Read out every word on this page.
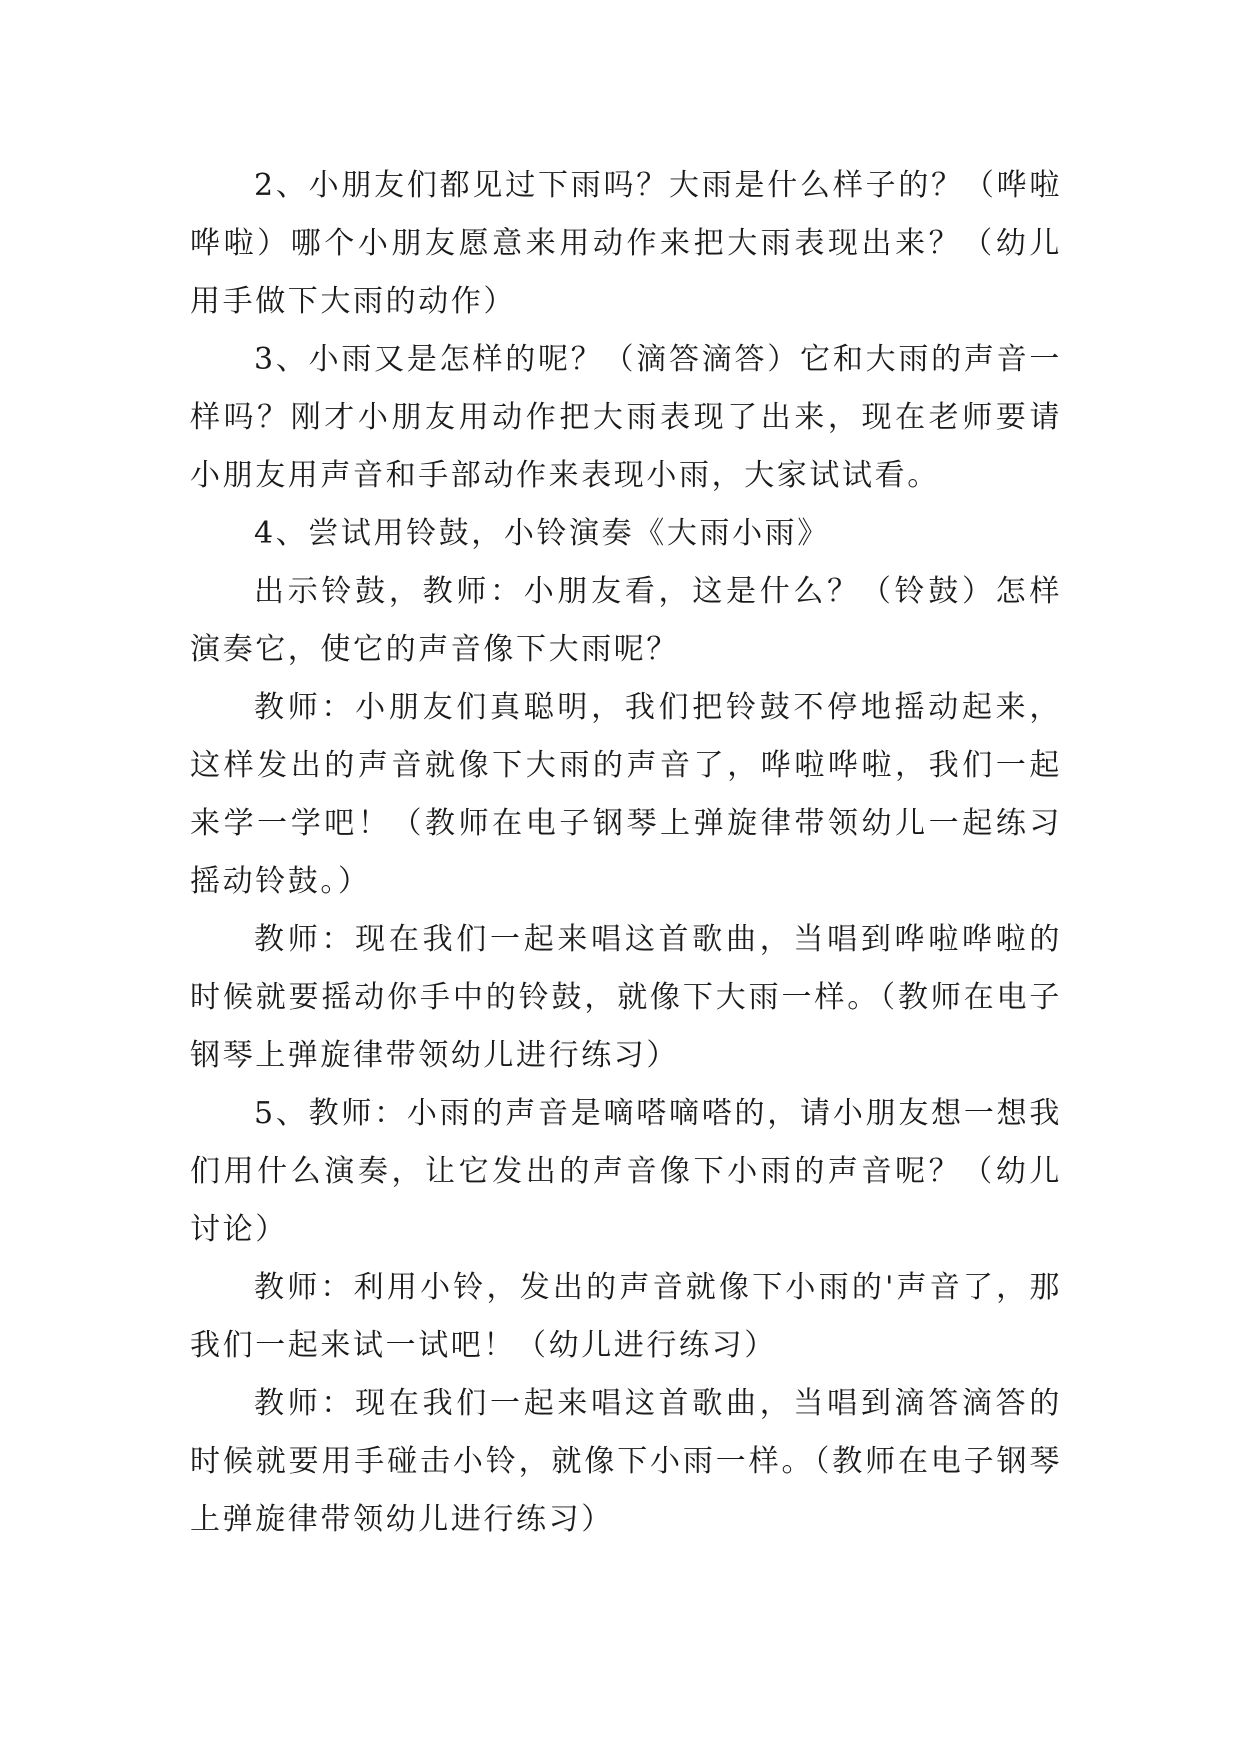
2、小朋友们都见过下雨吗？大雨是什么样子的？（哗啦哗啦）哪个小朋友愿意来用动作来把大雨表现出来？（幼儿用手做下大雨的动作）

3、小雨又是怎样的呢？（滴答滴答）它和大雨的声音一样吗？刚才小朋友用动作把大雨表现了出来，现在老师要请小朋友用声音和手部动作来表现小雨，大家试试看。

4、尝试用铃鼓，小铃演奏《大雨小雨》

出示铃鼓，教师：小朋友看，这是什么？（铃鼓）怎样演奏它，使它的声音像下大雨呢？

教师：小朋友们真聪明，我们把铃鼓不停地摇动起来，这样发出的声音就像下大雨的声音了，哗啦哗啦，我们一起来学一学吧！（教师在电子钢琴上弹旋律带领幼儿一起练习摇动铃鼓。）

教师：现在我们一起来唱这首歌曲，当唱到哗啦哗啦的时候就要摇动你手中的铃鼓，就像下大雨一样。（教师在电子钢琴上弹旋律带领幼儿进行练习）

5、教师：小雨的声音是嘀嗒嘀嗒的，请小朋友想一想我们用什么演奏，让它发出的声音像下小雨的声音呢？（幼儿讨论）

教师：利用小铃，发出的声音就像下小雨的'声音了，那我们一起来试一试吧！（幼儿进行练习）

教师：现在我们一起来唱这首歌曲，当唱到滴答滴答的时候就要用手碰击小铃，就像下小雨一样。（教师在电子钢琴上弹旋律带领幼儿进行练习）
